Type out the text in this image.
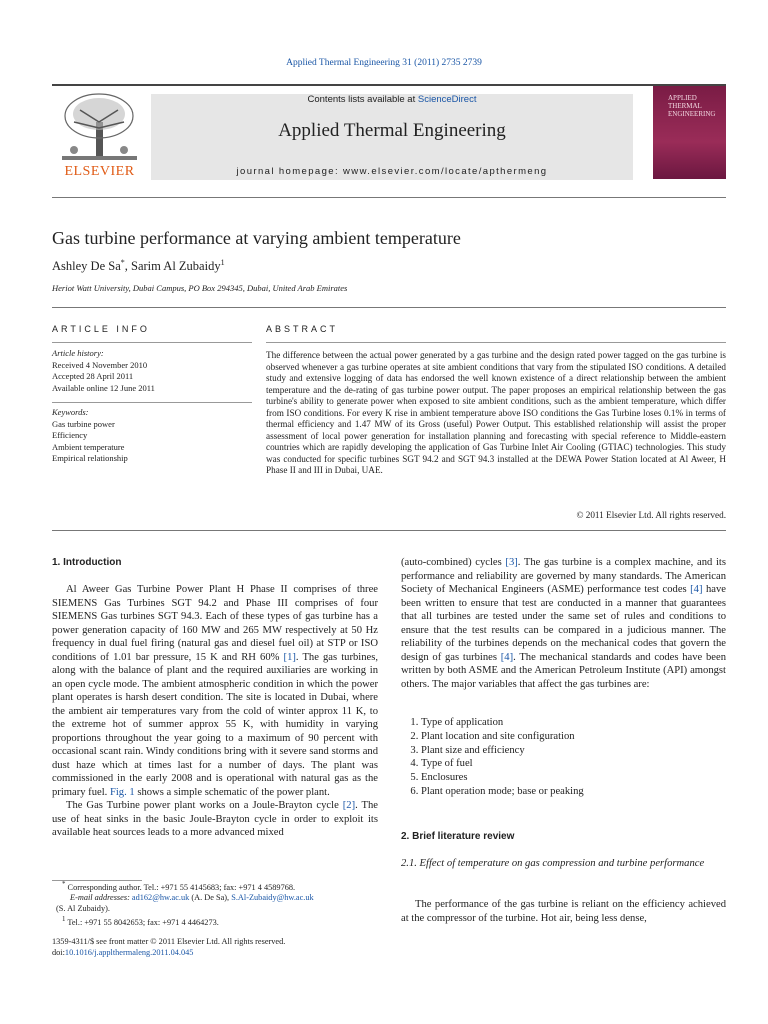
Applied Thermal Engineering 31 (2011) 2735 2739
ELSEVIER
Contents lists available at ScienceDirect
Applied Thermal Engineering
journal homepage: www.elsevier.com/locate/apthermeng
APPLIED THERMAL ENGINEERING
Gas turbine performance at varying ambient temperature
Ashley De Sa*, Sarim Al Zubaidy$^1$
Heriot Watt University, Dubai Campus, PO Box 294345, Dubai, United Arab Emirates
ARTICLE INFO
Article history:
Received 4 November 2010
Accepted 28 April 2011
Available online 12 June 2011
Keywords:
Gas turbine power
Efficiency
Ambient temperature
Empirical relationship
ABSTRACT
The difference between the actual power generated by a gas turbine and the design rated power tagged on the gas turbine is observed whenever a gas turbine operates at site ambient conditions that vary from the stipulated ISO conditions. A detailed study and extensive logging of data has endorsed the well known existence of a direct relationship between the ambient temperature and the de-rating of gas turbine power output. The paper proposes an empirical relationship between the gas turbine's ability to generate power when exposed to site ambient conditions, such as the ambient temperature, which differ from ISO conditions. For every K rise in ambient temperature above ISO conditions the Gas Turbine loses 0.1% in terms of thermal efficiency and 1.47 MW of its Gross (useful) Power Output. This established relationship will assist the proper assessment of local power generation for installation planning and forecasting with special reference to Middle-eastern countries which are rapidly developing the application of Gas Turbine Inlet Air Cooling (GTIAC) technologies. This study was conducted for specific turbines SGT 94.2 and SGT 94.3 installed at the DEWA Power Station located at Al Aweer, H Phase II and III in Dubai, UAE.
© 2011 Elsevier Ltd. All rights reserved.
1. Introduction
Al Aweer Gas Turbine Power Plant H Phase II comprises of three SIEMENS Gas Turbines SGT 94.2 and Phase III comprises of four SIEMENS Gas turbines SGT 94.3. Each of these types of gas turbine has a power generation capacity of 160 MW and 265 MW respectively at 50 Hz frequency in dual fuel firing (natural gas and diesel fuel oil) at STP or ISO conditions of 1.01 bar pressure, 15 K and RH 60% [1]. The gas turbines, along with the balance of plant and the required auxiliaries are working in an open cycle mode. The ambient atmospheric condition in which the power plant operates is harsh desert condition. The site is located in Dubai, where the ambient air temperatures vary from the cold of winter approx 11 K, to the extreme hot of summer approx 55 K, with humidity in varying proportions throughout the year going to a maximum of 90 percent with occasional scant rain. Windy conditions bring with it severe sand storms and dust haze which at times last for a number of days. The plant was commissioned in the early 2008 and is operational with natural gas as the primary fuel. Fig. 1 shows a simple schematic of the power plant.
The Gas Turbine power plant works on a Joule-Brayton cycle [2]. The use of heat sinks in the basic Joule-Brayton cycle in order to exploit its available heat sources leads to a more advanced mixed
* Corresponding author. Tel.: +971 55 4145683; fax: +971 4 4589768.
E-mail addresses: ad162@hw.ac.uk (A. De Sa), S.Al-Zubaidy@hw.ac.uk
(S. Al Zubaidy).
$^1$ Tel.: +971 55 8042653; fax: +971 4 4464273.
1359-4311/$ see front matter © 2011 Elsevier Ltd. All rights reserved.
doi:10.1016/j.applthermaleng.2011.04.045
(auto-combined) cycles [3]. The gas turbine is a complex machine, and its performance and reliability are governed by many standards. The American Society of Mechanical Engineers (ASME) performance test codes [4] have been written to ensure that test are conducted in a manner that guarantees that all turbines are tested under the same set of rules and conditions to ensure that the test results can be compared in a judicious manner. The reliability of the turbines depends on the mechanical codes that govern the design of gas turbines [4]. The mechanical standards and codes have been written by both ASME and the American Petroleum Institute (API) amongst others. The major variables that affect the gas turbines are:
1. Type of application
2. Plant location and site configuration
3. Plant size and efficiency
4. Type of fuel
5. Enclosures
6. Plant operation mode; base or peaking
2. Brief literature review
2.1. Effect of temperature on gas compression and turbine performance
The performance of the gas turbine is reliant on the efficiency achieved at the compressor of the turbine. Hot air, being less dense,
